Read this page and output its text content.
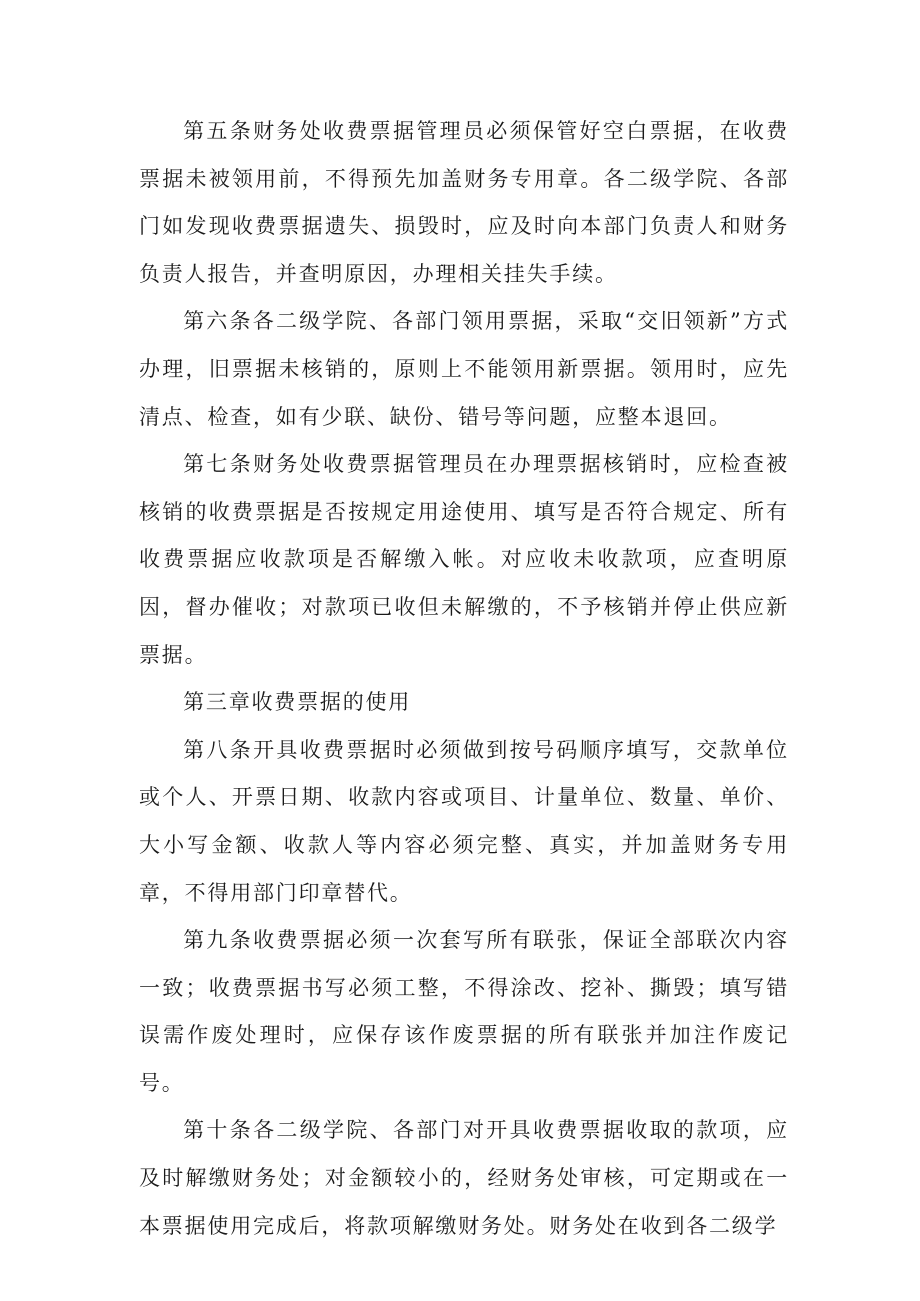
第五条财务处收费票据管理员必须保管好空白票据，在收费票据未被领用前，不得预先加盖财务专用章。各二级学院、各部门如发现收费票据遗失、损毁时，应及时向本部门负责人和财务负责人报告，并查明原因，办理相关挂失手续。

第六条各二级学院、各部门领用票据，采取“交旧领新”方式办理，旧票据未核销的，原则上不能领用新票据。领用时，应先清点、检查，如有少联、缺份、错号等问题，应整本退回。

第七条财务处收费票据管理员在办理票据核销时，应检查被核销的收费票据是否按规定用途使用、填写是否符合规定、所有收费票据应收款项是否解缴入帐。对应收未收款项，应查明原因，督办催收；对款项已收但未解缴的，不予核销并停止供应新票据。

第三章收费票据的使用

第八条开具收费票据时必须做到按号码顺序填写，交款单位或个人、开票日期、收款内容或项目、计量单位、数量、单价、大小写金额、收款人等内容必须完整、真实，并加盖财务专用章，不得用部门印章替代。

第九条收费票据必须一次套写所有联张，保证全部联次内容一致；收费票据书写必须工整，不得涂改、挖补、撕毁；填写错误需作废处理时，应保存该作废票据的所有联张并加注作废记号。

第十条各二级学院、各部门对开具收费票据收取的款项，应及时解缴财务处；对金额较小的，经财务处审核，可定期或在一本票据使用完成后，将款项解缴财务处。财务处在收到各二级学
